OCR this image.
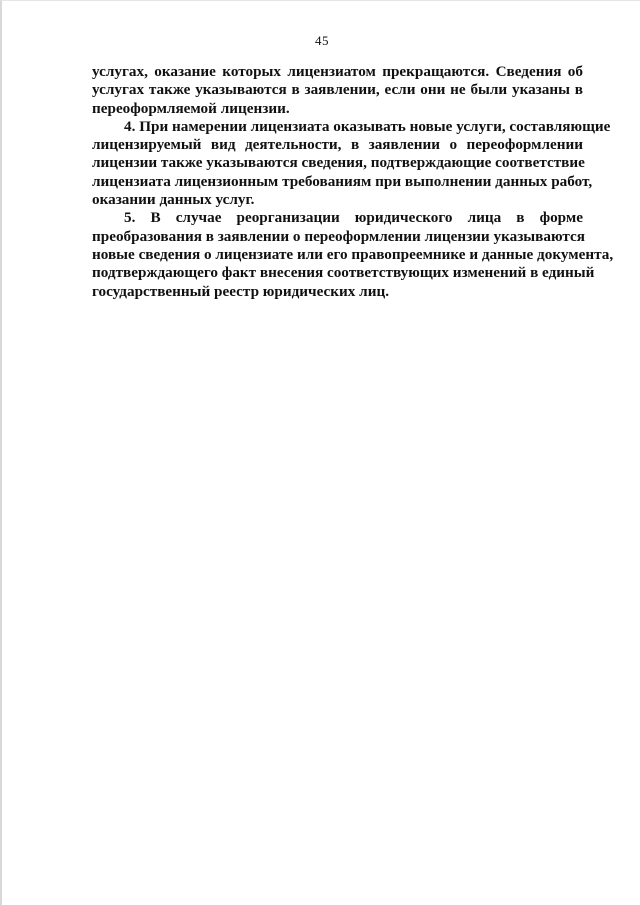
45
услугах, оказание которых лицензиатом прекращаются. Сведения об
услугах также указываются в заявлении, если они не были указаны в
переоформляемой лицензии.
4. При намерении лицензиата оказывать новые услуги, составляющие
лицензируемый вид деятельности, в заявлении о переоформлении
лицензии также указываются сведения, подтверждающие соответствие
лицензиата лицензионным требованиям при выполнении данных работ,
оказании данных услуг.
5. В случае реорганизации юридического лица в форме
преобразования в заявлении о переоформлении лицензии указываются
новые сведения о лицензиате или его правопреемнике и данные документа,
подтверждающего факт внесения соответствующих изменений в единый
государственный реестр юридических лиц.
